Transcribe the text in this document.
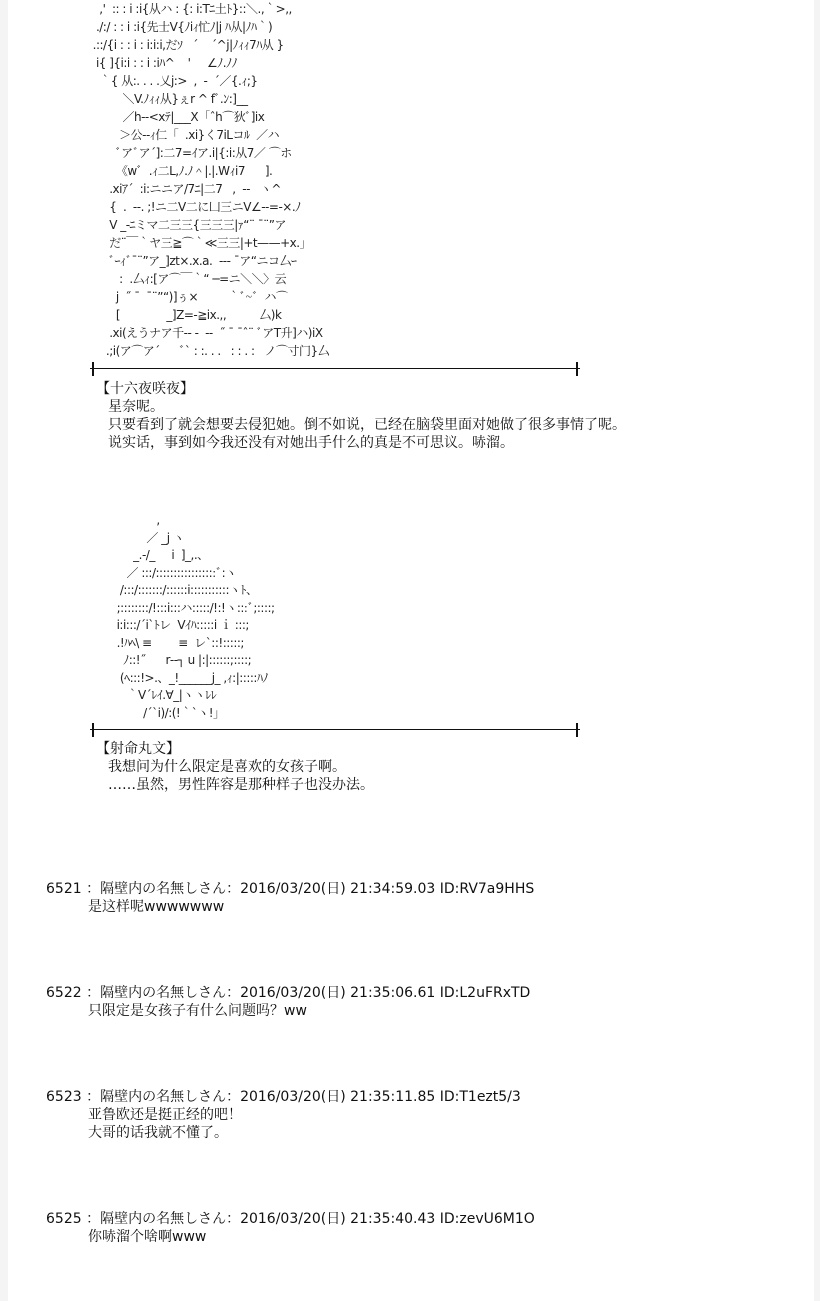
,'  :: : i :i{从ハ : {: i:Tﾆ土ﾄ}::＼.,｀>,,
./:/ : : i :i{先士V{ﾉiｨ忙ﾉ|j ﾊ从|ﾉﾊ｀)
.::/{i : : i : i:i:i,だｿ   ´    ´^j|ﾉｨｨ7ﾊ从 }
i{ ]{i:i : : i :iﾊ^    '     ∠ﾉ.ﾉﾉ
｀{ 从:. . . .乂j:>  ,  -  ´／{.ｨ;}
＼V.ﾉｨｨ从}ぇr ^ fﾞ.ﾝ:]__
／h--<xﾃ|___X「ˆh⌒狄ﾞ]ix
＞公--ｨ仁「  .xi}く7iLコﾙ  ／ハ
ﾞアﾞア´]:二7=ｲア.i|{:i:从7／ ⌒ホ
《wﾞ  .ｨ二L,ﾉ.ﾉ＾|.|.Wｨi7      ].
.xiｱ´  :i:ニニア/7ﾆ|二7   ,  --   ヽ^
{  .  --. ;!ニ二V二に凵三ニV∠--=-×.ﾉ
V _-ﾆミマ二三三{三三三|ｧ“¨ ¯¨”ア
だ¨￣｀ヤ三≧⌒｀≪三三|+t——+x.」
ﾞｰｨﾞ¯¨”ア_]zt×.x.a.  --- ¯ア“ニコ厶ｰ
:  .厶ｨ:[ア⌒￣｀“ ─=ニ＼＼〉云
j  ˝ ¯  ¯¨”“)]ぅ×         ｀ﾞ~ﾞ  ハ⌒
[              _]Z=-≧ix.,,          厶)k
.xi(えうナア千-- -  --  ˝ ¯ ¯ˆ¨ ﾞアT升]ハ)iX
.;i(ア⌒ア´      ﾞ` : :. . .   : : . :   ノ⌒寸门}厶
【十六夜咲夜】
星奈呢。
只要看到了就会想要去侵犯她。倒不如说，已经在脑袋里面对她做了很多事情了呢。
说实话，事到如今我还没有对她出手什么的真是不可思议。哧溜。
,
／ _j ヽ
_.-/_     i  ]_,.、
／ :::/:::::::::::::::::ﾞ:ヽ
/:::/:::::::/::::::i:::::::::::ヽﾄ、
;::::::::/!:::i:::ハ:::::/!:!ヽ:::ﾞ;::::;
i:i:::/´i`ﾄレ  Vｲﾊ:::::i ｉ :::;
.!ﾊﾍ\ ≡        ≡  レ`::!:::::;
ﾉ::!˝      r‐‐┐ u |:|::::::;::::;
(ﾍ:::!>.、_!______j_ ,ｨ:|:::::ﾊﾉ
｀V´ﾚｲ.∀_|ヽヽﾚﾚ
/´`i)/:(!｀`ヽ!」
【射命丸文】
我想问为什么限定是喜欢的女孩子啊。
……虽然，男性阵容是那种样子也没办法。
6521 ：隔壁内の名無しさん：2016/03/20(日) 21:34:59.03 ID:RV7a9HHS
是这样呢wwwwwww
6522 ：隔壁内の名無しさん：2016/03/20(日) 21:35:06.61 ID:L2uFRxTD
只限定是女孩子有什么问题吗？ww
6523 ：隔壁内の名無しさん：2016/03/20(日) 21:35:11.85 ID:T1ezt5/3
亚鲁欧还是挺正经的吧！
大哥的话我就不懂了。
6525 ：隔壁内の名無しさん：2016/03/20(日) 21:35:40.43 ID:zevU6M1O
你哧溜个啥啊www
